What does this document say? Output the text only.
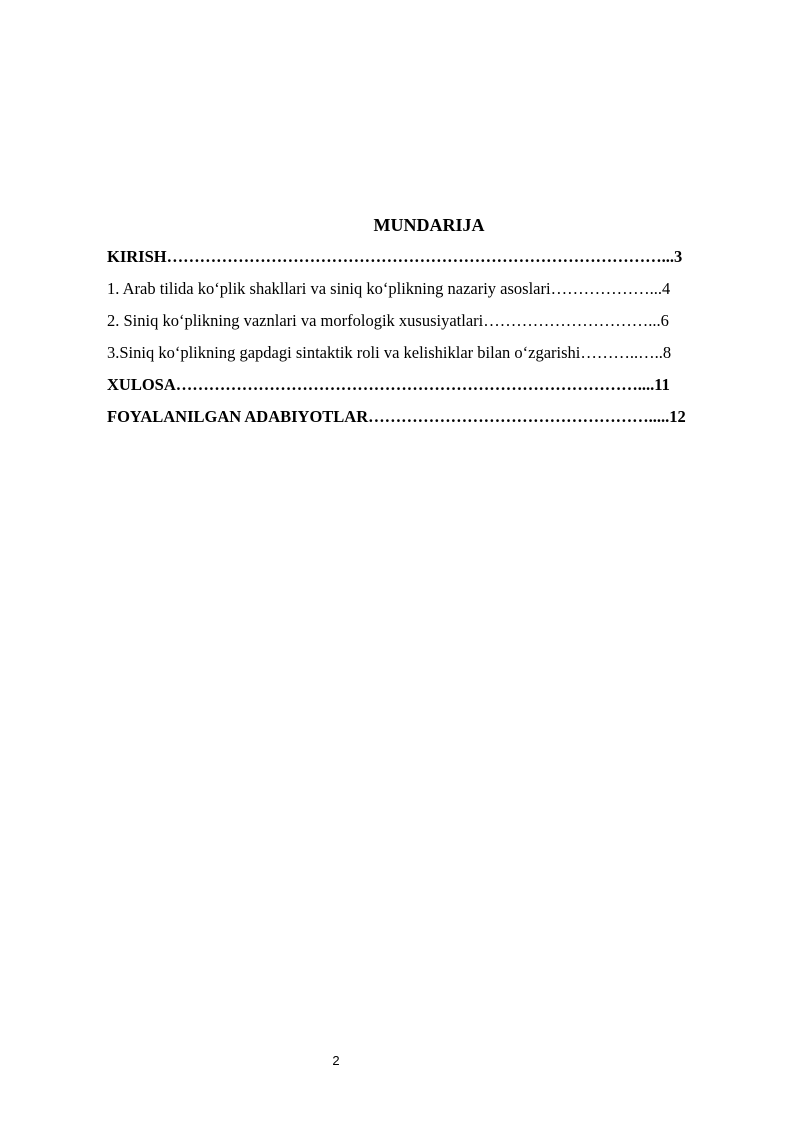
MUNDARIJA
KIRISH………………………………………………………………………………...3
1. Arab tilida koʻplik shakllari va siniq koʻplikning nazariy asoslari………………...4
2. Siniq koʻplikning vaznlari va morfologik xususiyatlari…………………………...6
3.Siniq koʻplikning gapdagi sintaktik roli va kelishiklar bilan oʻzgarishi………..…..8
XULOSA…………………………………………………………………………....11
FOYALANILGAN ADABIYOTLAR…………………………………………….....12
2
